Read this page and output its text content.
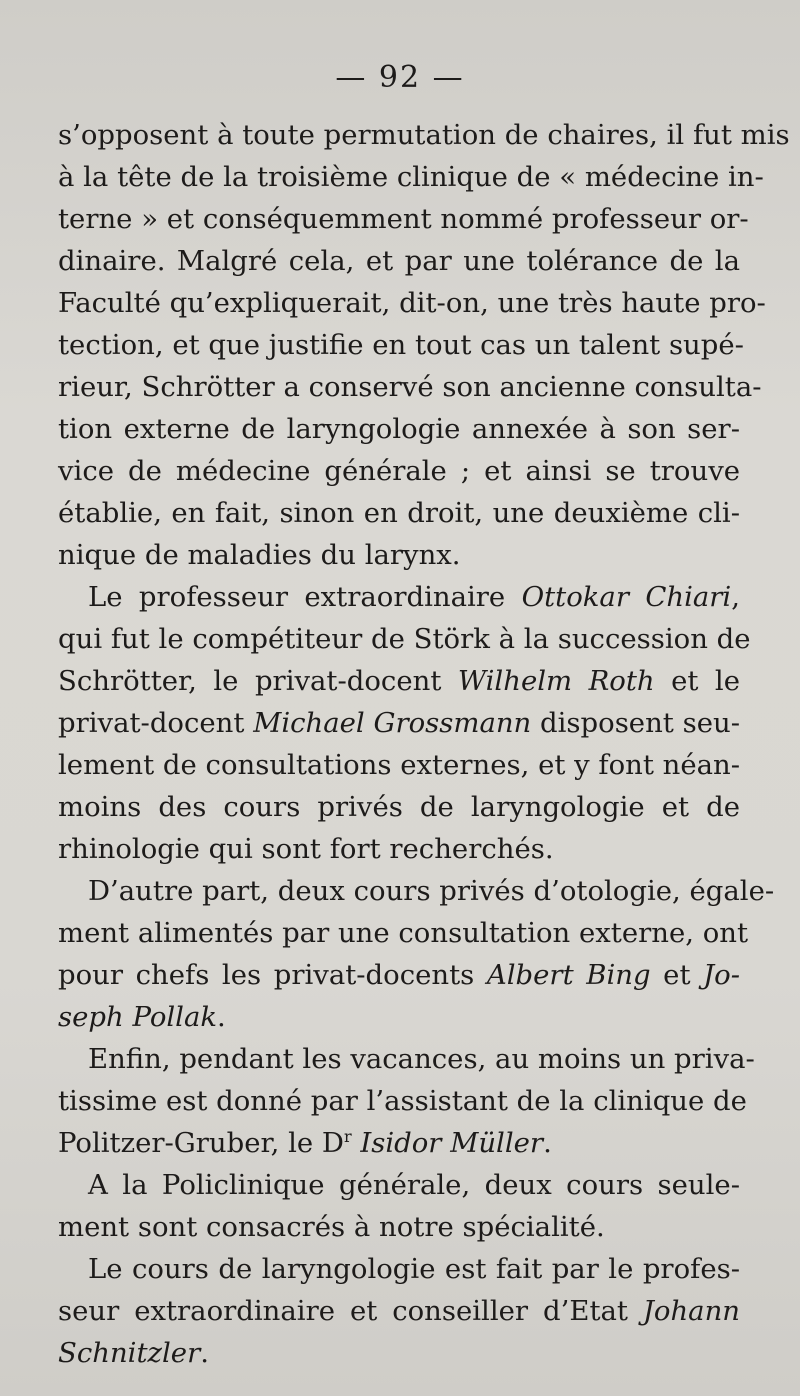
— 92 —
s’opposent à toute permutation de chaires, il fut mis
à la tête de la troisième clinique de « médecine in-
terne » et conséquemment nommé professeur or-
dinaire. Malgré cela, et par une tolérance de la
Faculté qu’expliquerait, dit-on, une très haute pro-
tection, et que justifie en tout cas un talent supé-
rieur, Schrötter a conservé son ancienne consulta-
tion externe de laryngologie annexée à son ser-
vice de médecine générale ; et ainsi se trouve
établie, en fait, sinon en droit, une deuxième cli-
nique de maladies du larynx.
Le professeur extraordinaire Ottokar Chiari,
qui fut le compétiteur de Störk à la succession de
Schrötter, le privat-docent Wilhelm Roth et le
privat-docent Michael Grossmann disposent seu-
lement de consultations externes, et y font néan-
moins des cours privés de laryngologie et de
rhinologie qui sont fort recherchés.
D’autre part, deux cours privés d’otologie, égale-
ment alimentés par une consultation externe, ont
pour chefs les privat-docents Albert Bing et Jo-
seph Pollak.
Enfin, pendant les vacances, au moins un priva-
tissime est donné par l’assistant de la clinique de
Politzer-Gruber, le $D^r$ Isidor Müller.
A la Policlinique générale, deux cours seule-
ment sont consacrés à notre spécialité.
Le cours de laryngologie est fait par le profes-
seur extraordinaire et conseiller d’Etat Johann
Schnitzler.
